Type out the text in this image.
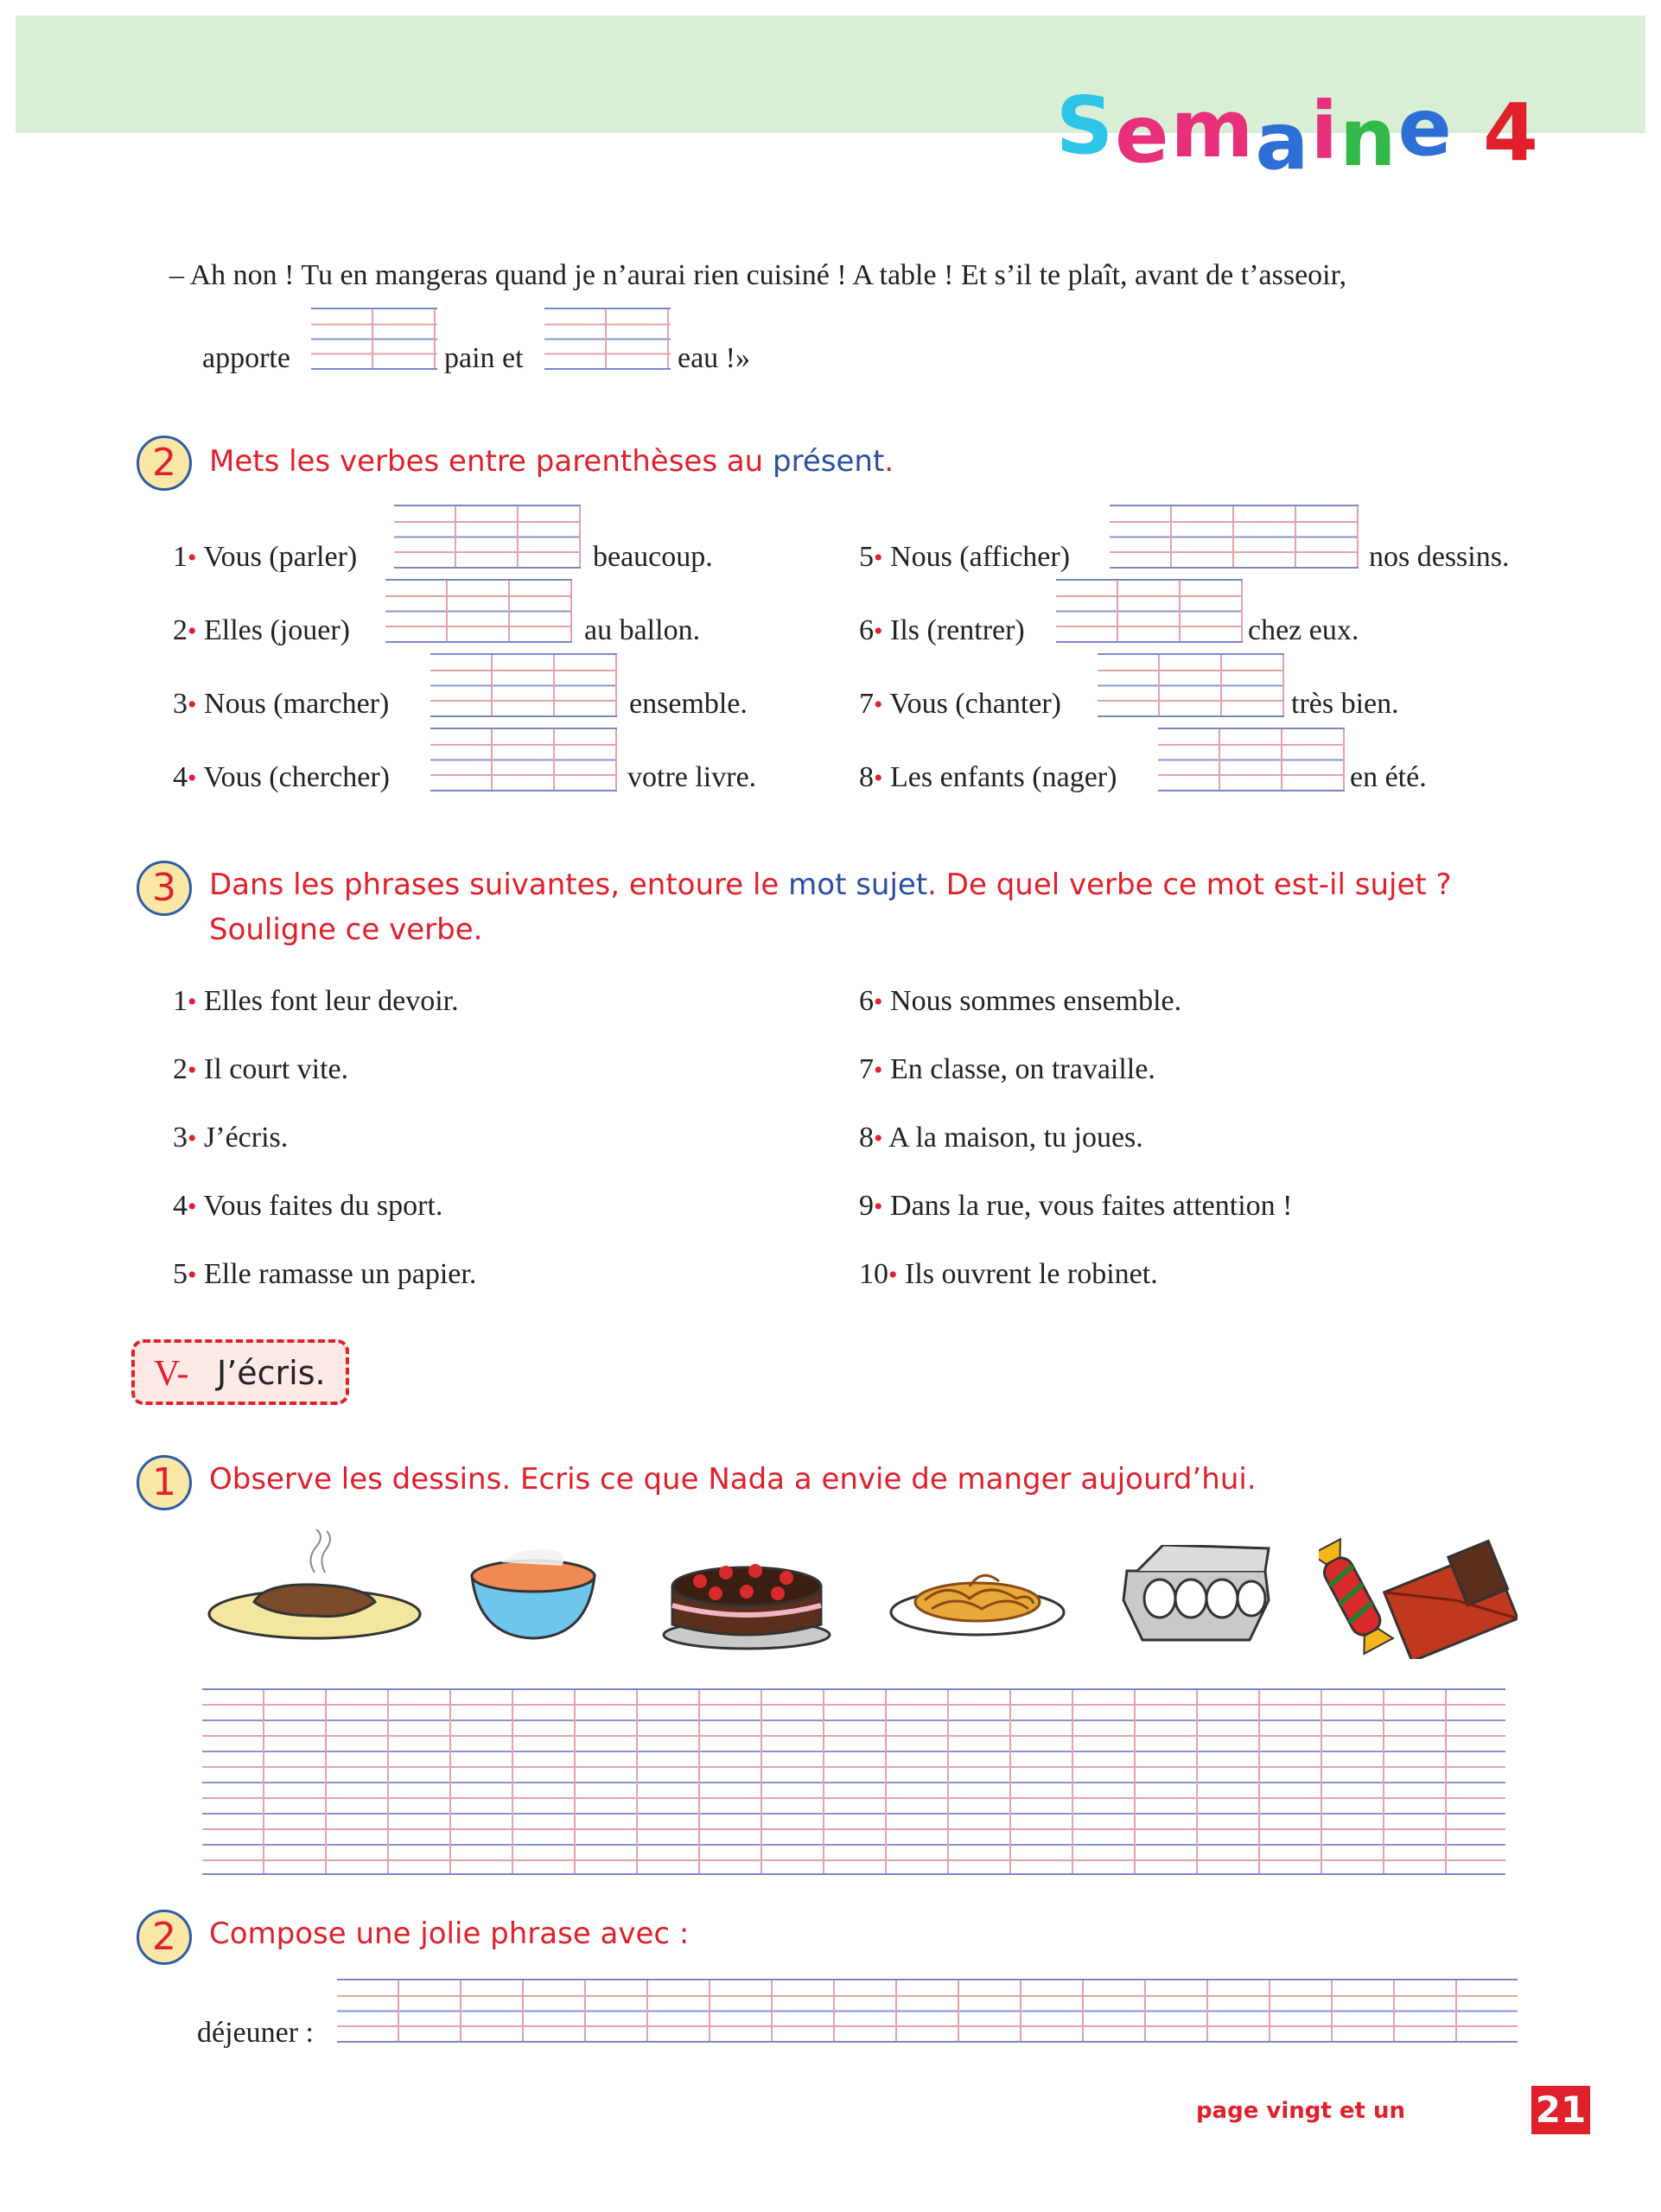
Semaine 4
– Ah non ! Tu en mangeras quand je n’aurai rien cuisiné ! A table ! Et s’il te plaît, avant de t’asseoir,
apporte	pain et	eau !»
2	Mets les verbes entre parenthèses au présent.
1• Vous (parler)	beaucoup.
2• Elles (jouer)	au ballon.
3• Nous (marcher)	ensemble.
4• Vous (chercher)	votre livre.
5• Nous (afficher)	nos dessins.
6• Ils (rentrer)	chez eux.
7• Vous (chanter)	très bien.
8• Les enfants (nager)	en été.
3	Dans les phrases suivantes, entoure le mot sujet. De quel verbe ce mot est-il sujet ?
Souligne ce verbe.
1• Elles font leur devoir.
2• Il court vite.
3• J’écris.
4• Vous faites du sport.
5• Elle ramasse un papier.
6• Nous sommes ensemble.
7• En classe, on travaille.
8• A la maison, tu joues.
9• Dans la rue, vous faites attention !
10• Ils ouvrent le robinet.
V- J’écris.
1	Observe les dessins. Ecris ce que Nada a envie de manger aujourd’hui.
2	Compose une jolie phrase avec :
déjeuner :
page vingt et un	21
